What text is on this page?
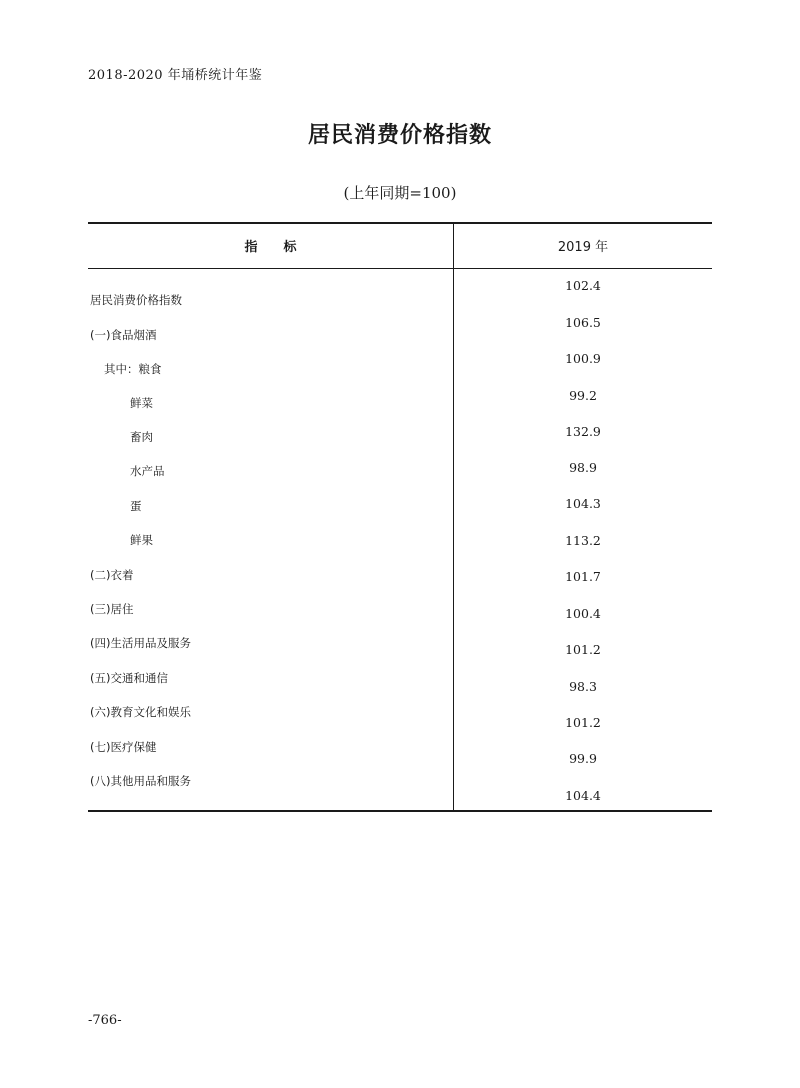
2018-2020 年埇桥统计年鉴
居民消费价格指数
(上年同期=100)
指　　标	2019 年
居民消费价格指数
(一)食品烟酒
其中：粮食
鲜菜
畜肉
水产品
蛋
鲜果
(二)衣着
(三)居住
(四)生活用品及服务
(五)交通和通信
(六)教育文化和娱乐
(七)医疗保健
(八)其他用品和服务
102.4
106.5
100.9
99.2
132.9
98.9
104.3
113.2
101.7
100.4
101.2
98.3
101.2
99.9
104.4
-766-
